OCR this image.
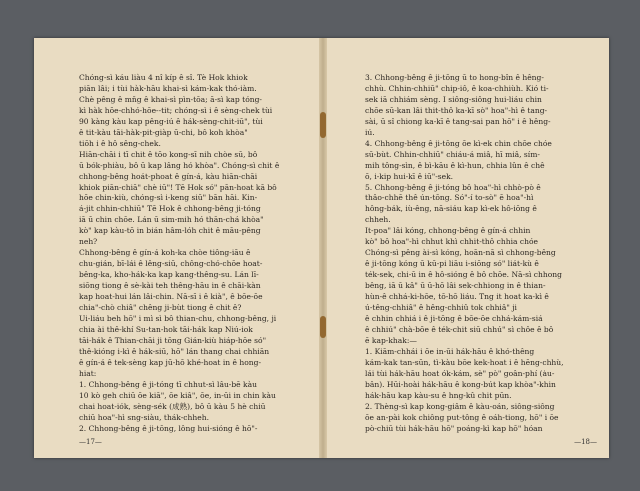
Chóng-sì káu liàu 4 nî kíp ê sî. Tè Hok khiok

piān lâi; i tùi hàk-hāu khai-sì kám-kak thó-iàm.

Chè pêng ê mn̄g ê khai-sì pìn-tōa; ā-sì kap tóng-

kì hàk hōe-chhó-hōe--tit; chóng-sì i ê sèng-chek tùi

90 kàng kàu kap pêng-iú ê hák-sèng-chit-iū", tùi

ê tit-kàu tāi-hàk-pit-giàp ū-chi, bô koh khòa"

tiōh i ê hô sêng-chek.

Hiān-chāi i tī chit ê tōo kong-sī nih chòe sū, bô

ū bók-phiàu, bô ū kap lâng hó khòa". Chóng-sì chit ê

chhong-bêng hoát-phoat ê gín-á, kàu hiān-chāi

khiok piān-chiā" chè iū"! Tē Hok só" pān-hoat kā bô

hōe chin-kiù, chóng-sì i-keng siū" bān hāi. Kin-

á-jit chhin-chhiū" Tē Hok ê chhong-bêng ji-tóng

iā ū chin chōe. Lán ū sim-mih hó thān-chá khòa"

kò" kap kàu-tō in bián hâm-lóh chit ê māu-pêng

neh?

Chhong-bêng ê gín-á koh-ka chòe tiông-iāu ê

chu-gián, bī-lái ê lêng-siū, chông-chó-chōe hoat-

bêng-ka, kho-hák-ka kap kang-thêng-su. Lán lī-

siōng tiong ê sè-kài teh thêng-hāu in ê chāi-kàn

kap hoat-hui lán lâi-chin. Nā-sī i ê kià", ê bōe-ōe

chia"-chò chiâ" chêng ji-bùt tiong ê chit ê?

Ui-liáu beh hō" i mì sì bô thian-chu, chhong-bêng, ji

chia ài thê-khí Su-tan-hok tāi-hák kap Niú-iok

tāi-hák ê Thian-chāi ji tōng Gián-kiù hiáp-hōe só"

thê-kióng i-kì ê hák-siū, hō" lán thang chai chhiān

ê gín-á ê tek-sèng kap jū-hō khé-hoat in ê hong-

hiat:

1. Chhong-bêng ê ji-tóng tī chhut-sì lâu-bē kàu

10 kò geh chiū ōe kiā", ōe kiâ", ōe, in-ūi in chin kàu

chai hoat-iók, sèng-sék (成熟), bô ū kàu 5 hè chiū

chiū hoa"-hì sng-siàu, thák-chheh.

2. Chhong-bêng ê ji-tōng, lông hui-sióng ê hō"-

—17—

3. Chhong-bêng ê ji-tōng ū to hong-bîn ê hêng-

chhù. Chhin-chhiū" chip-iô, ê koa-chhiùh. Kió ti-

sek iā chhiám sèng. I siông-siông hui-liáu chin

chōe sū-kan lâi thit-thô ka-kī sò" hoa"-hì ê tang-

sài, ū sî chiong ka-kī ê tang-sai pan hō" i ê hêng-

iú.

4. Chhong-bêng ê ji-tōng ōe kì-ek chin chōe chóe

sū-bùt. Chhin-chhiū" chiáu-á miâ, hī miâ, sím-

mih tông-sìn, ê bì-kāu ê kì-hun, chhia lûn ê chê

ō, i-kip hui-kī ê iū"-sek.

5. Chhong-bêng ê ji-tóng bô hoa"-hì chhò-pò ê

thâo-chhē thê ún-tōng. Só"-í to-sò" ē hoa"-hì

hông-bák, iù-êng, nā-siáu kap kì-ek hô-iōng ê

chheh.

It-poa" lâi kóng, chhong-bêng ê gín-á chhin

kò" bô hoa"-hì chhut khì chhit-thô chhia chóe

Chóng-sì pêng ài-sì kóng, hoān-nā sì chhong-bêng

ê ji-tōng kóng ū kū-pi liāu i-siōng só" liát-kù ê

ték-sek, chi-ū in ê hô-sióng ê bô chōe. Nā-sì chhong

bêng, iā ū kâ" ū ū-hō lâi sek-chhiong in ê thian-

hùn-ê chhá-ki-hōe, tō-hō liáu. Tng it hoat ka-kì ê

ú-têng-chhiâ" ê hêng-chhiû tok chhiâ" ji

ê chhin chhiá i ê ji-tōng ê bōe-ōe chhá-kám-siá

ê chhiú" chà-bōe ê ték-chit siū chhú" sì chôe ê bô

ē kap-khak:—

1. Kiām-chhái i ōe in-ūi hák-hāu ê khó-thêng

kám-kak tan-sūn, tì-kàu bōe kek-hoat i ê hēng-chhù,

lái tùi hák-hāu hoat ók-kám, sè" pò" goân-phí (ȧu-

bân). Hūi-hoài hák-hāu ê kong-bút kap khòa"-khin

hák-hāu kap kàu-su ê hng-kû chit pūn.

2. Thèng-sì kap kong-giâm ê kàu-oán, siông-siông

ōe an-pài kok chiông put-tông ê oáh-tiong, hō" i ōe

pò-chiū tùi hák-hāu hō" poáng-kì kap hō" hóan

—18—
